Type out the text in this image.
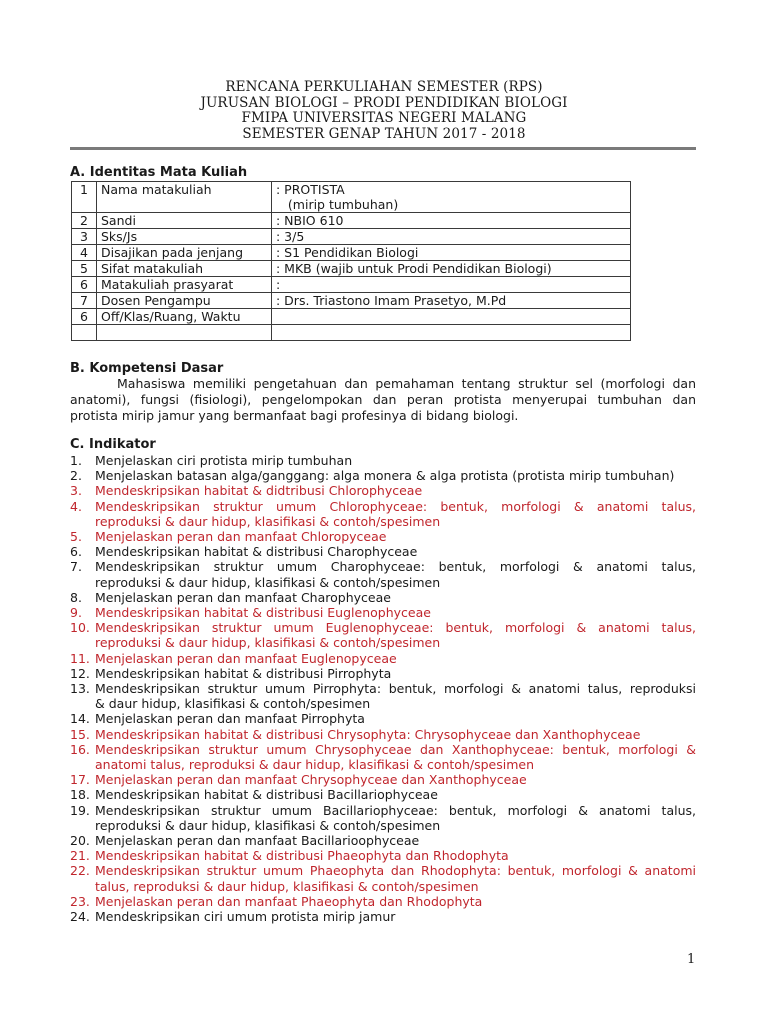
RENCANA PERKULIAHAN SEMESTER (RPS)
JURUSAN BIOLOGI – PRODI PENDIDIKAN BIOLOGI
FMIPA UNIVERSITAS NEGERI MALANG
SEMESTER GENAP TAHUN 2017 - 2018
A. Identitas Mata Kuliah
1	Nama matakuliah	: PROTISTA
(mirip tumbuhan)

2	Sandi	: NBIO 610

3	Sks/Js	: 3/5

4	Disajikan pada jenjang	: S1 Pendidikan Biologi

5	Sifat matakuliah	: MKB (wajib untuk Prodi Pendidikan Biologi)

6	Matakuliah prasyarat	:

7	Dosen Pengampu	: Drs. Triastono Imam Prasetyo, M.Pd

6	Off/Klas/Ruang, Waktu	

B. Kompetensi Dasar
Mahasiswa memiliki pengetahuan dan pemahaman tentang struktur sel (morfologi dan
anatomi), fungsi (fisiologi), pengelompokan dan peran protista menyerupai tumbuhan dan
protista mirip jamur yang bermanfaat bagi profesinya di bidang biologi.
C. Indikator
1.	Menjelaskan ciri protista mirip tumbuhan
2.	Menjelaskan batasan alga/ganggang: alga monera & alga protista (protista mirip tumbuhan)
3.	Mendeskripsikan habitat & didtribusi Chlorophyceae
4.	Mendeskripsikan struktur umum Chlorophyceae: bentuk, morfologi & anatomi talus,
reproduksi & daur hidup, klasifikasi & contoh/spesimen
5.	Menjelaskan peran dan manfaat Chloropyceae
6.	Mendeskripsikan habitat & distribusi Charophyceae
7.	Mendeskripsikan struktur umum Charophyceae: bentuk, morfologi & anatomi talus,
reproduksi & daur hidup, klasifikasi & contoh/spesimen
8.	Menjelaskan peran dan manfaat Charophyceae
9.	Mendeskripsikan habitat & distribusi Euglenophyceae
10. Mendeskripsikan struktur umum Euglenophyceae: bentuk, morfologi & anatomi talus,
reproduksi & daur hidup, klasifikasi & contoh/spesimen
11. Menjelaskan peran dan manfaat Euglenopyceae
12. Mendeskripsikan habitat & distribusi Pirrophyta
13. Mendeskripsikan struktur umum Pirrophyta: bentuk, morfologi & anatomi talus, reproduksi
& daur hidup, klasifikasi & contoh/spesimen
14. Menjelaskan peran dan manfaat Pirrophyta
15. Mendeskripsikan habitat & distribusi Chrysophyta: Chrysophyceae dan Xanthophyceae
16. Mendeskripsikan struktur umum Chrysophyceae dan Xanthophyceae: bentuk, morfologi &
anatomi talus, reproduksi & daur hidup, klasifikasi & contoh/spesimen
17. Menjelaskan peran dan manfaat Chrysophyceae dan Xanthophyceae
18. Mendeskripsikan habitat & distribusi Bacillariophyceae
19. Mendeskripsikan struktur umum Bacillariophyceae: bentuk, morfologi & anatomi talus,
reproduksi & daur hidup, klasifikasi & contoh/spesimen
20. Menjelaskan peran dan manfaat Bacillarioophyceae
21. Mendeskripsikan habitat & distribusi Phaeophyta dan Rhodophyta
22. Mendeskripsikan struktur umum Phaeophyta dan Rhodophyta: bentuk, morfologi & anatomi
talus, reproduksi & daur hidup, klasifikasi & contoh/spesimen
23. Menjelaskan peran dan manfaat Phaeophyta dan Rhodophyta
24. Mendeskripsikan ciri umum protista mirip jamur
1
